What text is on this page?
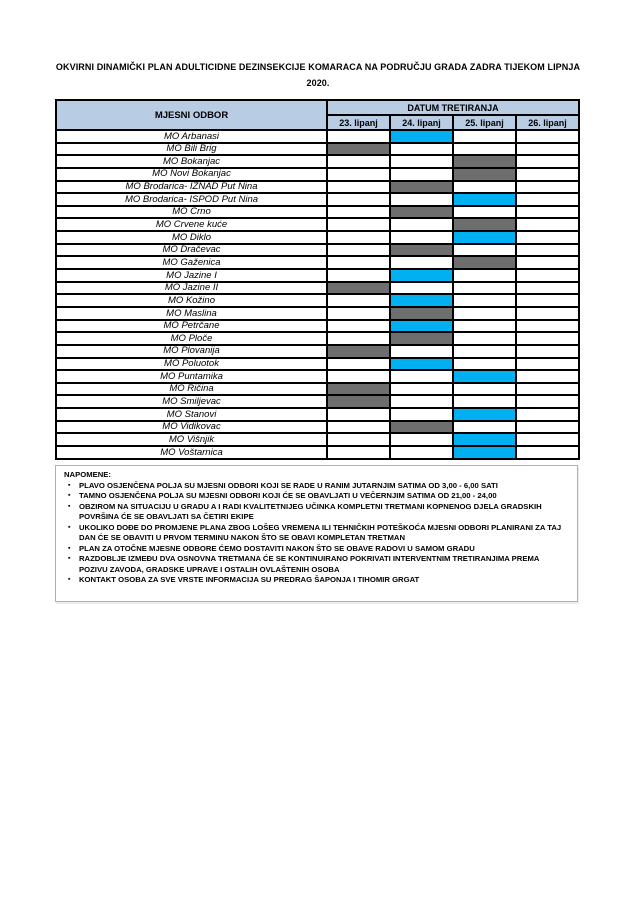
OKVIRNI DINAMIČKI PLAN ADULTICIDNE DEZINSEKCIJE KOMARACA NA PODRUČJU GRADA ZADRA TIJEKOM LIPNJA
2020.
MJESNI ODBOR	DATUM TRETIRANJA			
	23. lipanj	24. lipanj	25. lipanj	26. lipanj
MO Arbanasi				
MO Bili Brig				
MO Bokanjac				
MO Novi Bokanjac				
MO Brodarica- IZNAD Put Nina				
MO Brodarica- ISPOD Put Nina				
MO Crno				
MO Crvene kuće				
MO Diklo				
MO Dračevac				
MO Gaženica				
MO Jazine I				
MO Jazine II				
MO Kožino				
MO Maslina				
MO Petrčane				
MO Ploče				
MO Plovanija				
MO Poluotok				
MO Puntamika				
MO Ričina				
MO Smiljevac				
MO Stanovi				
MO Vidikovac				
MO Višnjik				
MO Voštarnica				
NAPOMENE:
▪	PLAVO OSJENČENA POLJA SU MJESNI ODBORI KOJI SE RADE U RANIM JUTARNJIM SATIMA OD 3,00 - 6,00 SATI
▪	TAMNO OSJENČENA POLJA SU MJESNI ODBORI KOJI ĆE SE OBAVLJATI U VEČERNJIM SATIMA OD 21,00 - 24,00
▪	OBZIROM NA SITUACIJU U GRADU A I RADI KVALITETNIJEG UČINKA KOMPLETNI TRETMANI KOPNENOG DJELA GRADSKIH POVRŠINA ĆE SE OBAVLJATI SA ČETIRI EKIPE
▪	UKOLIKO DOĐE DO PROMJENE PLANA ZBOG LOŠEG VREMENA ILI TEHNIČKIH POTEŠKOĆA MJESNI ODBORI PLANIRANI ZA TAJ DAN ĆE SE OBAVITI U PRVOM TERMINU NAKON ŠTO SE OBAVI KOMPLETAN TRETMAN
▪	PLAN ZA OTOČNE MJESNE ODBORE ĆEMO DOSTAVITI NAKON ŠTO SE OBAVE RADOVI U SAMOM GRADU
▪	RAZDOBLJE IZMEĐU DVA OSNOVNA TRETMANA ĆE SE KONTINUIRANO POKRIVATI INTERVENTNIM TRETIRANJIMA PREMA POZIVU ZAVODA, GRADSKE UPRAVE I OSTALIH OVLAŠTENIH OSOBA
▪	KONTAKT OSOBA ZA SVE VRSTE INFORMACIJA SU PREDRAG ŠAPONJA I TIHOMIR GRGAT
